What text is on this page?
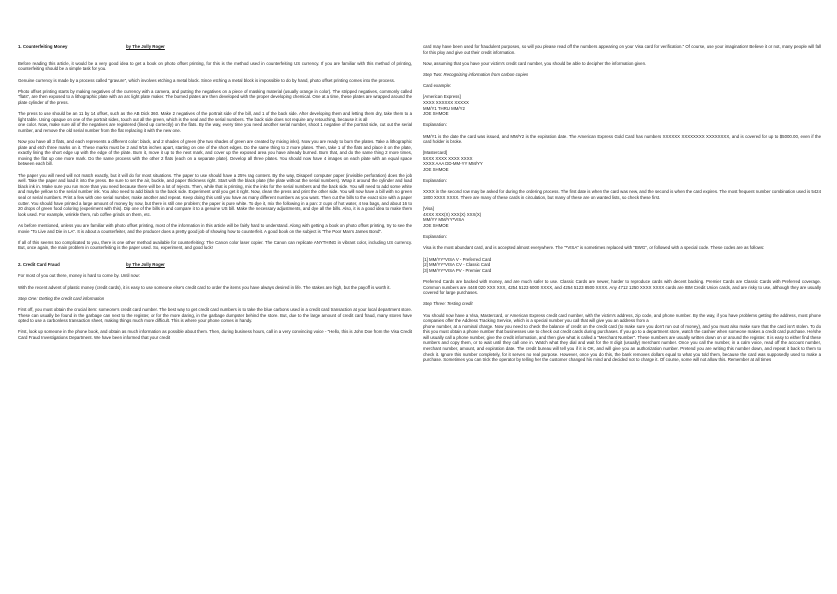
1. Counterfeiting Money	by The Jolly Roger

Before reading this article, it would be a very good idea to get a book on photo offset printing, for this is the method used in counterfeiting US currency. If you are familiar with this method of printing, counterfeiting should be a simple task for you.

Genuine currency is made by a process called "gravure", which involves etching a metal block. Since etching a metal block is impossible to do by hand, photo offset printing comes into the process.

Photo offset printing starts by making negatives of the currency with a camera, and putting the negatives on a piece of masking material (usually orange in color). The stripped negatives, commonly called "flats", are then exposed to a lithographic plate with an arc light plate maker. The burned plates are then developed with the proper developing chemical. One at a time, these plates are wrapped around the plate cylinder of the press.

The press to use should be an 11 by 14 offset, such as the AB Dick 360. Make 2 negatives of the portrait side of the bill, and 1 of the back side. After developing them and letting them dry, take them to a light table. Using opaque on one of the portrait sides, touch out all the green, which is the seal and the serial numbers. The back side does not require any retouching, because it is all
one color. Now, make sure all of the negatives are registered (lined up correctly) on the flats. By the way, every time you need another serial number, shoot 1 negative of the portrait side, cut out the serial number, and remove the old serial number from the flat replacing it with the new one.

Now you have all 3 flats, and each represents a different color: black, and 2 shades of green (the two shades of green are created by mixing inks). Now you are ready to burn the plates. Take a lithographic plate and etch three marks on it. These marks must be 2 and 9/16 inches apart, starting on one of the short edges. Do the same thing to 2 more plates. Then, take 1 of the flats and place it on the plate, exactly lining the short edge up with the edge of the plate. Burn it, move it up to the next mark, and cover up the exposed area you have already burned. Burn that, and do the same thing 2 more times, moving the flat up one more mark. Do the same process with the other 2 flats (each on a separate plate). Develop all three plates. You should now have 4 images on each plate with an equal space between each bill.

The paper you will need will not match exactly, but it will do for most situations. The paper to use should have a 25% rag content. By the way, Disaperl computer paper (invisible perforation) does the job well. Take the paper and load it into the press. Be sure to set the air, buckle, and paper thickness right. Start with the black plate (the plate without the serial numbers). Wrap it around the cylinder and load black ink in. Make sure you run more than you need because there will be a lot of rejects. Then, while that is printing, mix the inks for the serial numbers and the back side. You will need to add some white and maybe yellow to the serial number ink. You also need to add black to the back side. Experiment until you get it right. Now, clean the press and print the other side. You will now have a bill with no green seal or serial numbers. Print a few with one serial number, make another and repeat. Keep doing this until you have as many different numbers as you want. Then cut the bills to the exact size with a paper cutter. You should have printed a large amount of money by now, but there is still one problem; the paper is pure white. To dye it, mix the following in a pan: 2 cups of hot water, 4 tea bags, and about 16 to 20 drops of green food coloring (experiment with this). Dip one of the bills in and compare it to a genuine US bill. Make the necessary adjustments, and dye all the bills. Also, it is a good idea to make them look used. For example, wrinkle them, rub coffee grinds on them, etc.

As before mentioned, unless you are familiar with photo offset printing, most of the information in this article will be fairly hard to understand. Along with getting a book on photo offset printing, try to see the movie "To Live and Die in LA". It is about a counterfeiter, and the producer does a pretty good job of showing how to counterfeit. A good book on the subject is "The Poor Man's James Bond".

If all of this seems too complicated to you, there is one other method available for counterfeiting: The Canon color laser copier. The Canon can replicate ANYTHING in vibrant color, including US currency. But, once again, the main problem in counterfeiting is the paper used. So, experiment, and good luck!

2. Credit Card Fraud	by The Jolly Roger

For most of you out there, money is hard to come by. Until now:

With the recent advent of plastic money (credit cards), it is easy to use someone else's credit card to order the items you have always desired in life. The stakes are high, but the payoff is worth it.

Step One: Getting the credit card information

First off, you must obtain the crucial item: someone's credit card number. The best way to get credit card numbers is to take the blue carbons used in a credit card transaction at your local department store. These can usually be found in the garbage can next to the register, or for the more daring, in the garbage dumpster behind the store. But, due to the large amount of credit card fraud, many stores have opted to use a carbonless transaction sheet, making things much more difficult. This is where your phone comes in handy.

First, look up someone in the phone book, and obtain as much information as possible about them. Then, during business hours, call in a very convincing voice - "Hello, this is John Doe from the Visa Credit Card Fraud Investigations Department. We have been informed that your credit

card may have been used for fraudulent purposes, so will you please read off the numbers appearing on your Visa card for verification." Of course, use your imagination! Believe it or not, many people will fall for this ploy and give out their credit information.

Now, assuming that you have your victim's credit card number, you should be able to decipher the information given.

Step Two: Recognizing information from carbon copies

Card example:

[American Express]
XXXX XXXXXX XXXXX
MM/Y1 THRU MM/Y2
JOE SHMOE

Explanation:

MM/Y1 is the date the card was issued, and MM/Y2 is the expiration date. The American Express Gold Card has numbers XXXXXX XXXXXXXX XXXXXXXX, and is covered for up to $5000.00, even if the card holder is broke.

[Mastercard]
5XXX XXXX XXXX XXXX
XXXX AAA DD-MM-YY MM/YY
JOE SHMOE

Explanation:

XXXX in the second row may be asked for during the ordering process. The first date is when the card was new, and the second is when the card expires. The most frequent number combination used is 5424 1800 XXXX XXXX. There are many of these cards in circulation, but many of these are on wanted lists, so check these first.

[Visa]
4XXX XXX(X) XXX(X) XXX(X)
MM/YY MM/YY*VISA
JOE SHMOE

Explanation:

Visa is the most abundant card, and is accepted almost everywhere. The "*VISA" is sometimes replaced with "BWG", or followed with a special code. These codes are as follows:

[1] MM/YY*VISA V - Preferred Card
[2] MM/YY*VISA CV - Classic Card
[3] MM/YY*VISA PV - Premier Card

Preferred Cards are backed with money, and are much safer to use. Classic Cards are newer, harder to reproduce cards with decent backing. Premier Cards are Classic Cards with Preferred coverage. Common numbers are 4448 020 XXX XXX, 4254 5123 6000 XXXX, and 4254 5123 8500 XXXX. Any 4712 1250 XXXX XXXX cards are IBM Credit Union cards, and are risky to use, although they are usually covered for large purchases.

Step Three: Testing credit

You should now have a Visa, Mastercard, or American Express credit card number, with the victim's address, zip code, and phone number. By the way, if you have problems getting the address, most phone companies offer the Address Tracking Service, which is a special number you call that will give you an address from a
phone number, at a nominal charge. Now you need to check the balance of credit on the credit card (to make sure you don't run out of money), and you must also make sure that the card isn't stolen. To do this you must obtain a phone number that businesses use to check out credit cards during purchases. If you go to a department store, watch the cashier when someone makes a credit card purchase. He/she will usually call a phone number, give the credit information, and then give what is called a "Merchant Number". These numbers are usually written down on or around the register. It is easy to either find these numbers and copy them, or to wait until they call one in. Watch what they dial and wait for the 8 digit (usually) merchant number. Once you call the number, in a calm voice, read off the account number, merchant number, amount, and expiration date. The credit bureau will tell you if it is OK, and will give you an authorization number. Pretend you are writing this number down, and repeat it back to them to check it. Ignore this number completely, for it serves no real purpose. However, once you do this, the bank removes dollars equal to what you told them, because the card was supposedly used to make a purchase. Sometimes you can trick the operator by telling her the customer changed his mind and decided not to charge it. Of course, some will not allow this. Remember at all times
